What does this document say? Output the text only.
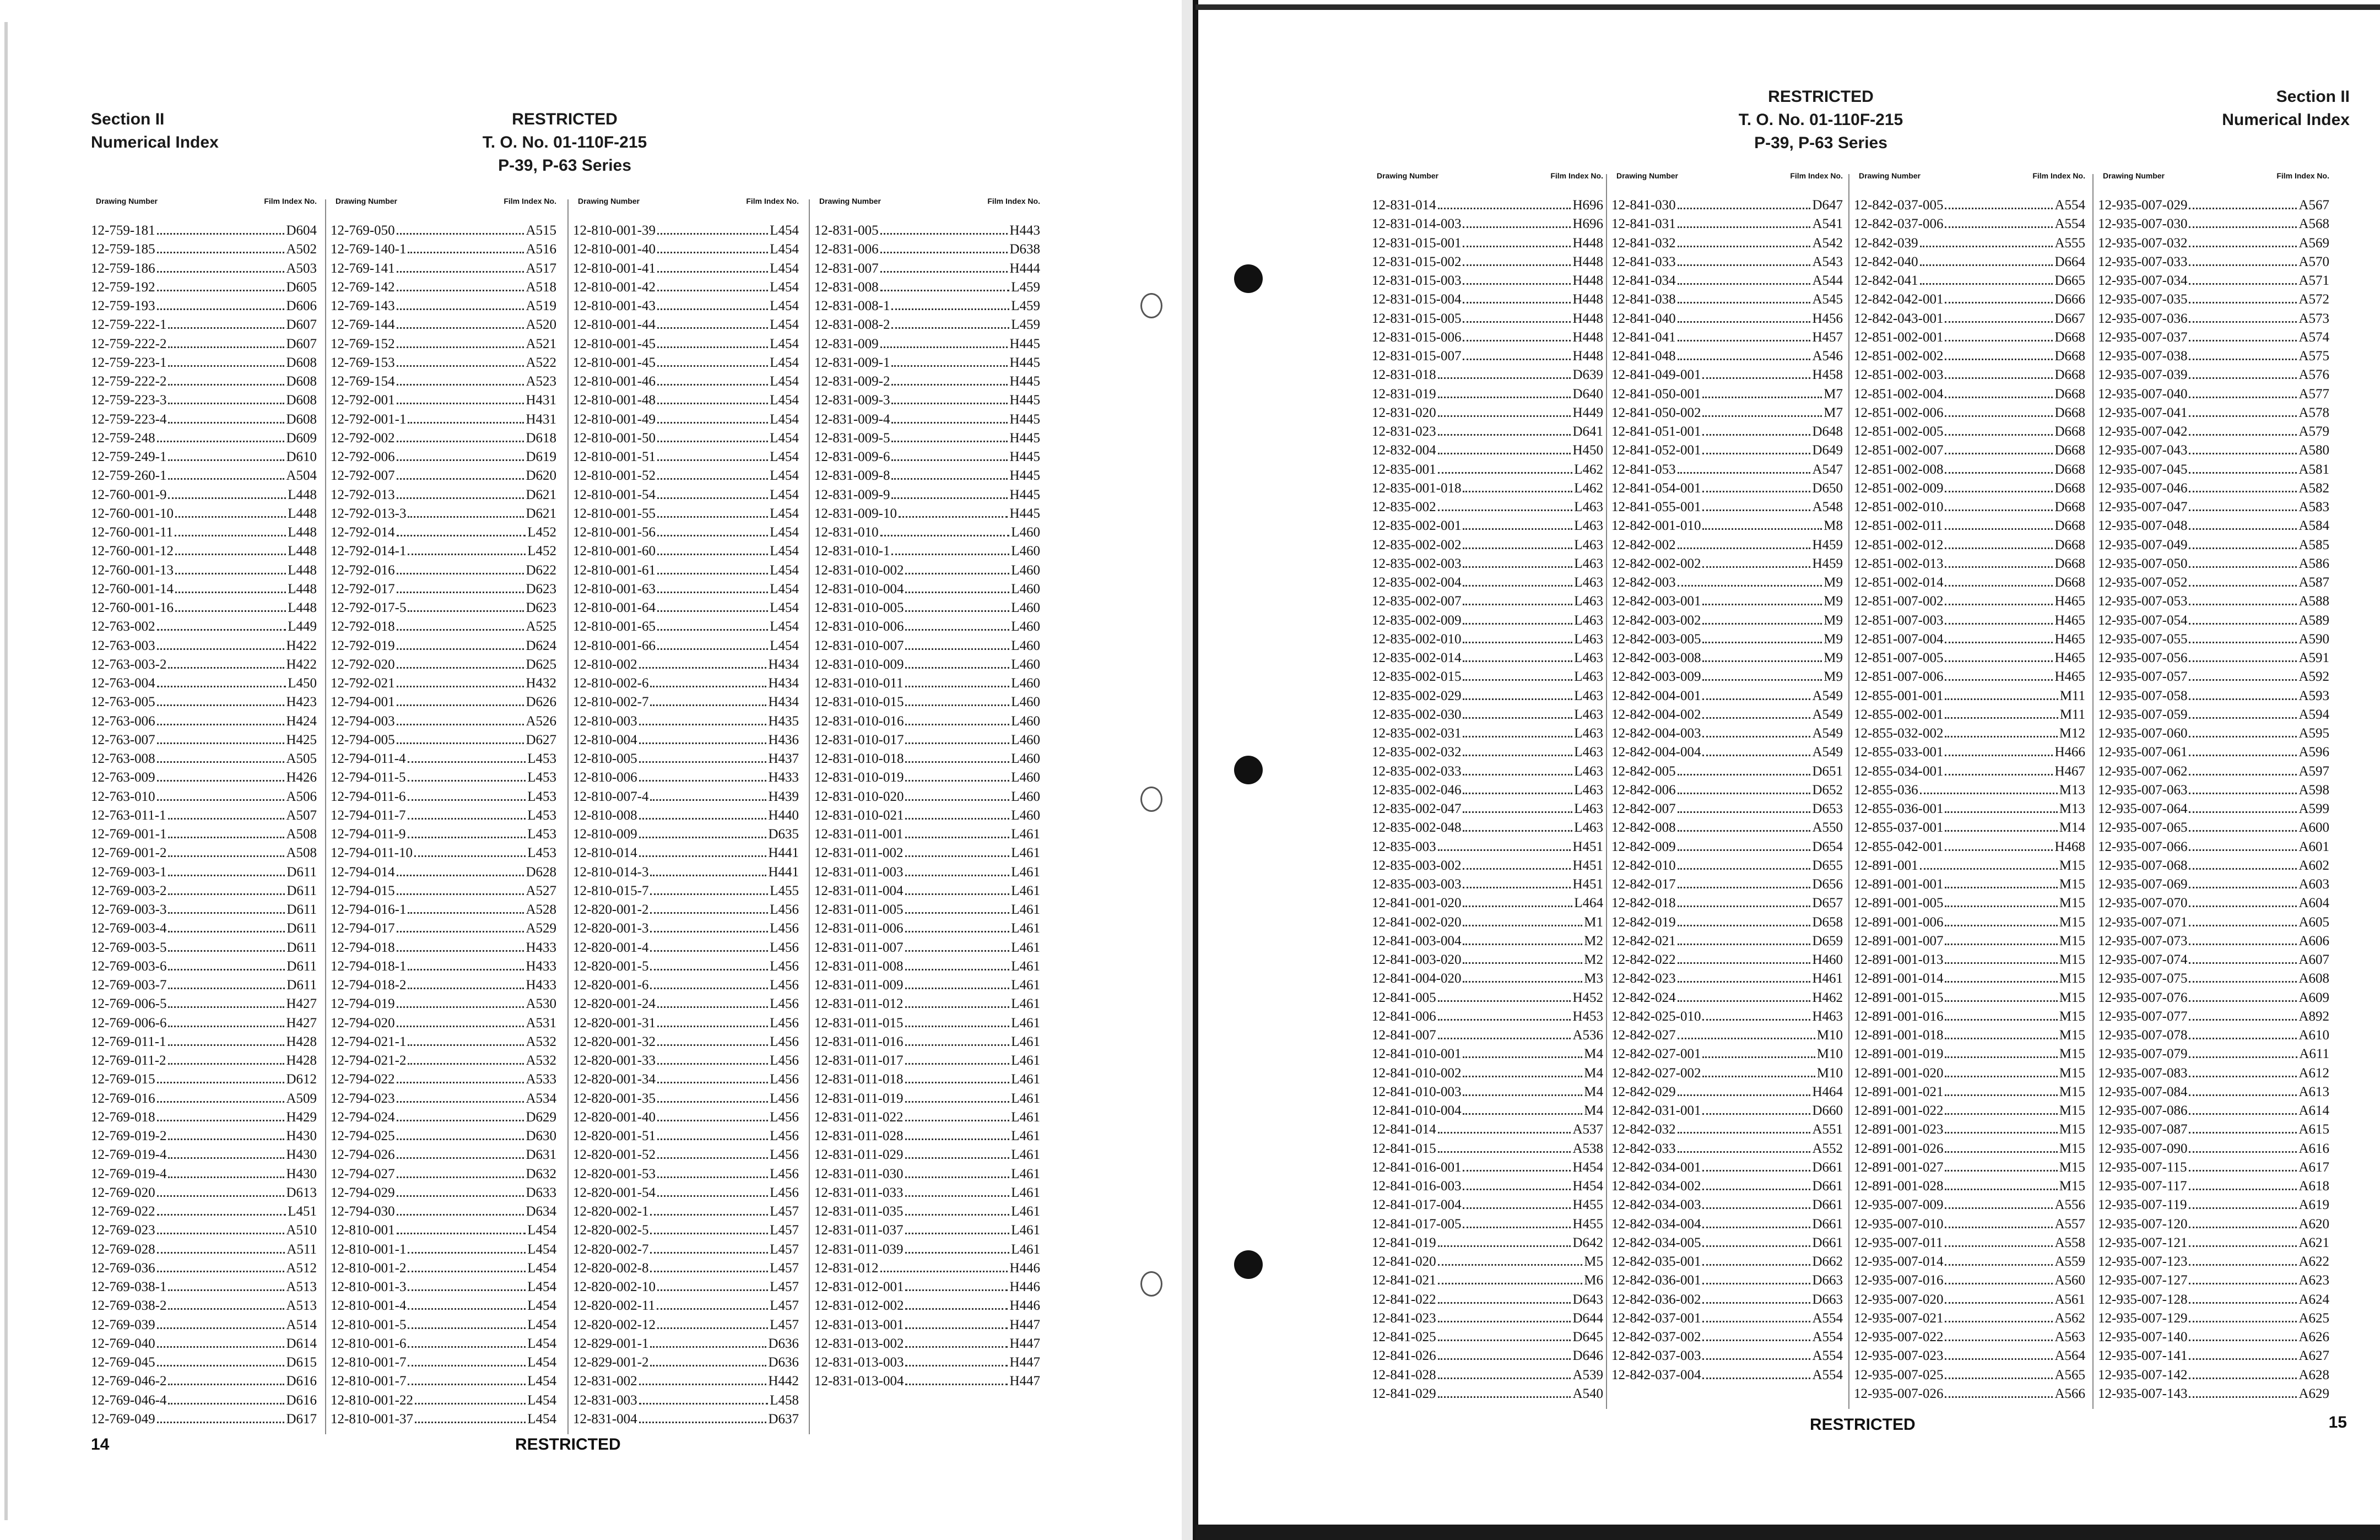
Section II
Numerical Index
RESTRICTED
T. O. No. 01-110F-215
P-39, P-63 Series
14	RESTRICTED
RESTRICTED
T. O. No. 01-110F-215
P-39, P-63 Series
Section II
Numerical Index
RESTRICTED	15
Drawing Number	Film Index No.
12-759-181	D604
12-759-185	A502
12-759-186	A503
12-759-192	D605
12-759-193	D606
12-759-222-1	D607
12-759-222-2	D607
12-759-223-1	D608
12-759-222-2	D608
12-759-223-3	D608
12-759-223-4	D608
12-759-248	D609
12-759-249-1	D610
12-759-260-1	A504
12-760-001-9	L448
12-760-001-10	L448
12-760-001-11	L448
12-760-001-12	L448
12-760-001-13	L448
12-760-001-14	L448
12-760-001-16	L448
12-763-002	L449
12-763-003	H422
12-763-003-2	H422
12-763-004	L450
12-763-005	H423
12-763-006	H424
12-763-007	H425
12-763-008	A505
12-763-009	H426
12-763-010	A506
12-763-011-1	A507
12-769-001-1	A508
12-769-001-2	A508
12-769-003-1	D611
12-769-003-2	D611
12-769-003-3	D611
12-769-003-4	D611
12-769-003-5	D611
12-769-003-6	D611
12-769-003-7	D611
12-769-006-5	H427
12-769-006-6	H427
12-769-011-1	H428
12-769-011-2	H428
12-769-015	D612
12-769-016	A509
12-769-018	H429
12-769-019-2	H430
12-769-019-4	H430
12-769-019-4	H430
12-769-020	D613
12-769-022	L451
12-769-023	A510
12-769-028	A511
12-769-036	A512
12-769-038-1	A513
12-769-038-2	A513
12-769-039	A514
12-769-040	D614
12-769-045	D615
12-769-046-2	D616
12-769-046-4	D616
12-769-049	D617
Drawing Number	Film Index No.
12-769-050	A515
12-769-140-1	A516
12-769-141	A517
12-769-142	A518
12-769-143	A519
12-769-144	A520
12-769-152	A521
12-769-153	A522
12-769-154	A523
12-792-001	H431
12-792-001-1	H431
12-792-002	D618
12-792-006	D619
12-792-007	D620
12-792-013	D621
12-792-013-3	D621
12-792-014	L452
12-792-014-1	L452
12-792-016	D622
12-792-017	D623
12-792-017-5	D623
12-792-018	A525
12-792-019	D624
12-792-020	D625
12-792-021	H432
12-794-001	D626
12-794-003	A526
12-794-005	D627
12-794-011-4	L453
12-794-011-5	L453
12-794-011-6	L453
12-794-011-7	L453
12-794-011-9	L453
12-794-011-10	L453
12-794-014	D628
12-794-015	A527
12-794-016-1	A528
12-794-017	A529
12-794-018	H433
12-794-018-1	H433
12-794-018-2	H433
12-794-019	A530
12-794-020	A531
12-794-021-1	A532
12-794-021-2	A532
12-794-022	A533
12-794-023	A534
12-794-024	D629
12-794-025	D630
12-794-026	D631
12-794-027	D632
12-794-029	D633
12-794-030	D634
12-810-001	L454
12-810-001-1	L454
12-810-001-2	L454
12-810-001-3	L454
12-810-001-4	L454
12-810-001-5	L454
12-810-001-6	L454
12-810-001-7	L454
12-810-001-7	L454
12-810-001-22	L454
12-810-001-37	L454
Drawing Number	Film Index No.
12-810-001-39	L454
12-810-001-40	L454
12-810-001-41	L454
12-810-001-42	L454
12-810-001-43	L454
12-810-001-44	L454
12-810-001-45	L454
12-810-001-45	L454
12-810-001-46	L454
12-810-001-48	L454
12-810-001-49	L454
12-810-001-50	L454
12-810-001-51	L454
12-810-001-52	L454
12-810-001-54	L454
12-810-001-55	L454
12-810-001-56	L454
12-810-001-60	L454
12-810-001-61	L454
12-810-001-63	L454
12-810-001-64	L454
12-810-001-65	L454
12-810-001-66	L454
12-810-002	H434
12-810-002-6	H434
12-810-002-7	H434
12-810-003	H435
12-810-004	H436
12-810-005	H437
12-810-006	H433
12-810-007-4	H439
12-810-008	H440
12-810-009	D635
12-810-014	H441
12-810-014-3	H441
12-810-015-7	L455
12-820-001-2	L456
12-820-001-3	L456
12-820-001-4	L456
12-820-001-5	L456
12-820-001-6	L456
12-820-001-24	L456
12-820-001-31	L456
12-820-001-32	L456
12-820-001-33	L456
12-820-001-34	L456
12-820-001-35	L456
12-820-001-40	L456
12-820-001-51	L456
12-820-001-52	L456
12-820-001-53	L456
12-820-001-54	L456
12-820-002-1	L457
12-820-002-5	L457
12-820-002-7	L457
12-820-002-8	L457
12-820-002-10	L457
12-820-002-11	L457
12-820-002-12	L457
12-829-001-1	D636
12-829-001-2	D636
12-831-002	H442
12-831-003	L458
12-831-004	D637
Drawing Number	Film Index No.
12-831-005	H443
12-831-006	D638
12-831-007	H444
12-831-008	L459
12-831-008-1	L459
12-831-008-2	L459
12-831-009	H445
12-831-009-1	H445
12-831-009-2	H445
12-831-009-3	H445
12-831-009-4	H445
12-831-009-5	H445
12-831-009-6	H445
12-831-009-8	H445
12-831-009-9	H445
12-831-009-10	H445
12-831-010	L460
12-831-010-1	L460
12-831-010-002	L460
12-831-010-004	L460
12-831-010-005	L460
12-831-010-006	L460
12-831-010-007	L460
12-831-010-009	L460
12-831-010-011	L460
12-831-010-015	L460
12-831-010-016	L460
12-831-010-017	L460
12-831-010-018	L460
12-831-010-019	L460
12-831-010-020	L460
12-831-010-021	L460
12-831-011-001	L461
12-831-011-002	L461
12-831-011-003	L461
12-831-011-004	L461
12-831-011-005	L461
12-831-011-006	L461
12-831-011-007	L461
12-831-011-008	L461
12-831-011-009	L461
12-831-011-012	L461
12-831-011-015	L461
12-831-011-016	L461
12-831-011-017	L461
12-831-011-018	L461
12-831-011-019	L461
12-831-011-022	L461
12-831-011-028	L461
12-831-011-029	L461
12-831-011-030	L461
12-831-011-033	L461
12-831-011-035	L461
12-831-011-037	L461
12-831-011-039	L461
12-831-012	H446
12-831-012-001	H446
12-831-012-002	H446
12-831-013-001	H447
12-831-013-002	H447
12-831-013-003	H447
12-831-013-004	H447
Drawing Number	Film Index No.
12-831-014	H696
12-831-014-003	H696
12-831-015-001	H448
12-831-015-002	H448
12-831-015-003	H448
12-831-015-004	H448
12-831-015-005	H448
12-831-015-006	H448
12-831-015-007	H448
12-831-018	D639
12-831-019	D640
12-831-020	H449
12-831-023	D641
12-832-004	H450
12-835-001	L462
12-835-001-018	L462
12-835-002	L463
12-835-002-001	L463
12-835-002-002	L463
12-835-002-003	L463
12-835-002-004	L463
12-835-002-007	L463
12-835-002-009	L463
12-835-002-010	L463
12-835-002-014	L463
12-835-002-015	L463
12-835-002-029	L463
12-835-002-030	L463
12-835-002-031	L463
12-835-002-032	L463
12-835-002-033	L463
12-835-002-046	L463
12-835-002-047	L463
12-835-002-048	L463
12-835-003	H451
12-835-003-002	H451
12-835-003-003	H451
12-841-001-020	L464
12-841-002-020	M1
12-841-003-004	M2
12-841-003-020	M2
12-841-004-020	M3
12-841-005	H452
12-841-006	H453
12-841-007	A536
12-841-010-001	M4
12-841-010-002	M4
12-841-010-003	M4
12-841-010-004	M4
12-841-014	A537
12-841-015	A538
12-841-016-001	H454
12-841-016-003	H454
12-841-017-004	H455
12-841-017-005	H455
12-841-019	D642
12-841-020	M5
12-841-021	M6
12-841-022	D643
12-841-023	D644
12-841-025	D645
12-841-026	D646
12-841-028	A539
12-841-029	A540
Drawing Number	Film Index No.
12-841-030	D647
12-841-031	A541
12-841-032	A542
12-841-033	A543
12-841-034	A544
12-841-038	A545
12-841-040	H456
12-841-041	H457
12-841-048	A546
12-841-049-001	H458
12-841-050-001	M7
12-841-050-002	M7
12-841-051-001	D648
12-841-052-001	D649
12-841-053	A547
12-841-054-001	D650
12-841-055-001	A548
12-842-001-010	M8
12-842-002	H459
12-842-002-002	H459
12-842-003	M9
12-842-003-001	M9
12-842-003-002	M9
12-842-003-005	M9
12-842-003-008	M9
12-842-003-009	M9
12-842-004-001	A549
12-842-004-002	A549
12-842-004-003	A549
12-842-004-004	A549
12-842-005	D651
12-842-006	D652
12-842-007	D653
12-842-008	A550
12-842-009	D654
12-842-010	D655
12-842-017	D656
12-842-018	D657
12-842-019	D658
12-842-021	D659
12-842-022	H460
12-842-023	H461
12-842-024	H462
12-842-025-010	H463
12-842-027	M10
12-842-027-001	M10
12-842-027-002	M10
12-842-029	H464
12-842-031-001	D660
12-842-032	A551
12-842-033	A552
12-842-034-001	D661
12-842-034-002	D661
12-842-034-003	D661
12-842-034-004	D661
12-842-034-005	D661
12-842-035-001	D662
12-842-036-001	D663
12-842-036-002	D663
12-842-037-001	A554
12-842-037-002	A554
12-842-037-003	A554
12-842-037-004	A554
Drawing Number	Film Index No.
12-842-037-005	A554
12-842-037-006	A554
12-842-039	A555
12-842-040	D664
12-842-041	D665
12-842-042-001	D666
12-842-043-001	D667
12-851-002-001	D668
12-851-002-002	D668
12-851-002-003	D668
12-851-002-004	D668
12-851-002-006	D668
12-851-002-005	D668
12-851-002-007	D668
12-851-002-008	D668
12-851-002-009	D668
12-851-002-010	D668
12-851-002-011	D668
12-851-002-012	D668
12-851-002-013	D668
12-851-002-014	D668
12-851-007-002	H465
12-851-007-003	H465
12-851-007-004	H465
12-851-007-005	H465
12-851-007-006	H465
12-855-001-001	M11
12-855-002-001	M11
12-855-032-002	M12
12-855-033-001	H466
12-855-034-001	H467
12-855-036	M13
12-855-036-001	M13
12-855-037-001	M14
12-855-042-001	H468
12-891-001	M15
12-891-001-001	M15
12-891-001-005	M15
12-891-001-006	M15
12-891-001-007	M15
12-891-001-013	M15
12-891-001-014	M15
12-891-001-015	M15
12-891-001-016	M15
12-891-001-018	M15
12-891-001-019	M15
12-891-001-020	M15
12-891-001-021	M15
12-891-001-022	M15
12-891-001-023	M15
12-891-001-026	M15
12-891-001-027	M15
12-891-001-028	M15
12-935-007-009	A556
12-935-007-010	A557
12-935-007-011	A558
12-935-007-014	A559
12-935-007-016	A560
12-935-007-020	A561
12-935-007-021	A562
12-935-007-022	A563
12-935-007-023	A564
12-935-007-025	A565
12-935-007-026	A566
Drawing Number	Film Index No.
12-935-007-029	A567
12-935-007-030	A568
12-935-007-032	A569
12-935-007-033	A570
12-935-007-034	A571
12-935-007-035	A572
12-935-007-036	A573
12-935-007-037	A574
12-935-007-038	A575
12-935-007-039	A576
12-935-007-040	A577
12-935-007-041	A578
12-935-007-042	A579
12-935-007-043	A580
12-935-007-045	A581
12-935-007-046	A582
12-935-007-047	A583
12-935-007-048	A584
12-935-007-049	A585
12-935-007-050	A586
12-935-007-052	A587
12-935-007-053	A588
12-935-007-054	A589
12-935-007-055	A590
12-935-007-056	A591
12-935-007-057	A592
12-935-007-058	A593
12-935-007-059	A594
12-935-007-060	A595
12-935-007-061	A596
12-935-007-062	A597
12-935-007-063	A598
12-935-007-064	A599
12-935-007-065	A600
12-935-007-066	A601
12-935-007-068	A602
12-935-007-069	A603
12-935-007-070	A604
12-935-007-071	A605
12-935-007-073	A606
12-935-007-074	A607
12-935-007-075	A608
12-935-007-076	A609
12-935-007-077	A892
12-935-007-078	A610
12-935-007-079	A611
12-935-007-083	A612
12-935-007-084	A613
12-935-007-086	A614
12-935-007-087	A615
12-935-007-090	A616
12-935-007-115	A617
12-935-007-117	A618
12-935-007-119	A619
12-935-007-120	A620
12-935-007-121	A621
12-935-007-123	A622
12-935-007-127	A623
12-935-007-128	A624
12-935-007-129	A625
12-935-007-140	A626
12-935-007-141	A627
12-935-007-142	A628
12-935-007-143	A629
